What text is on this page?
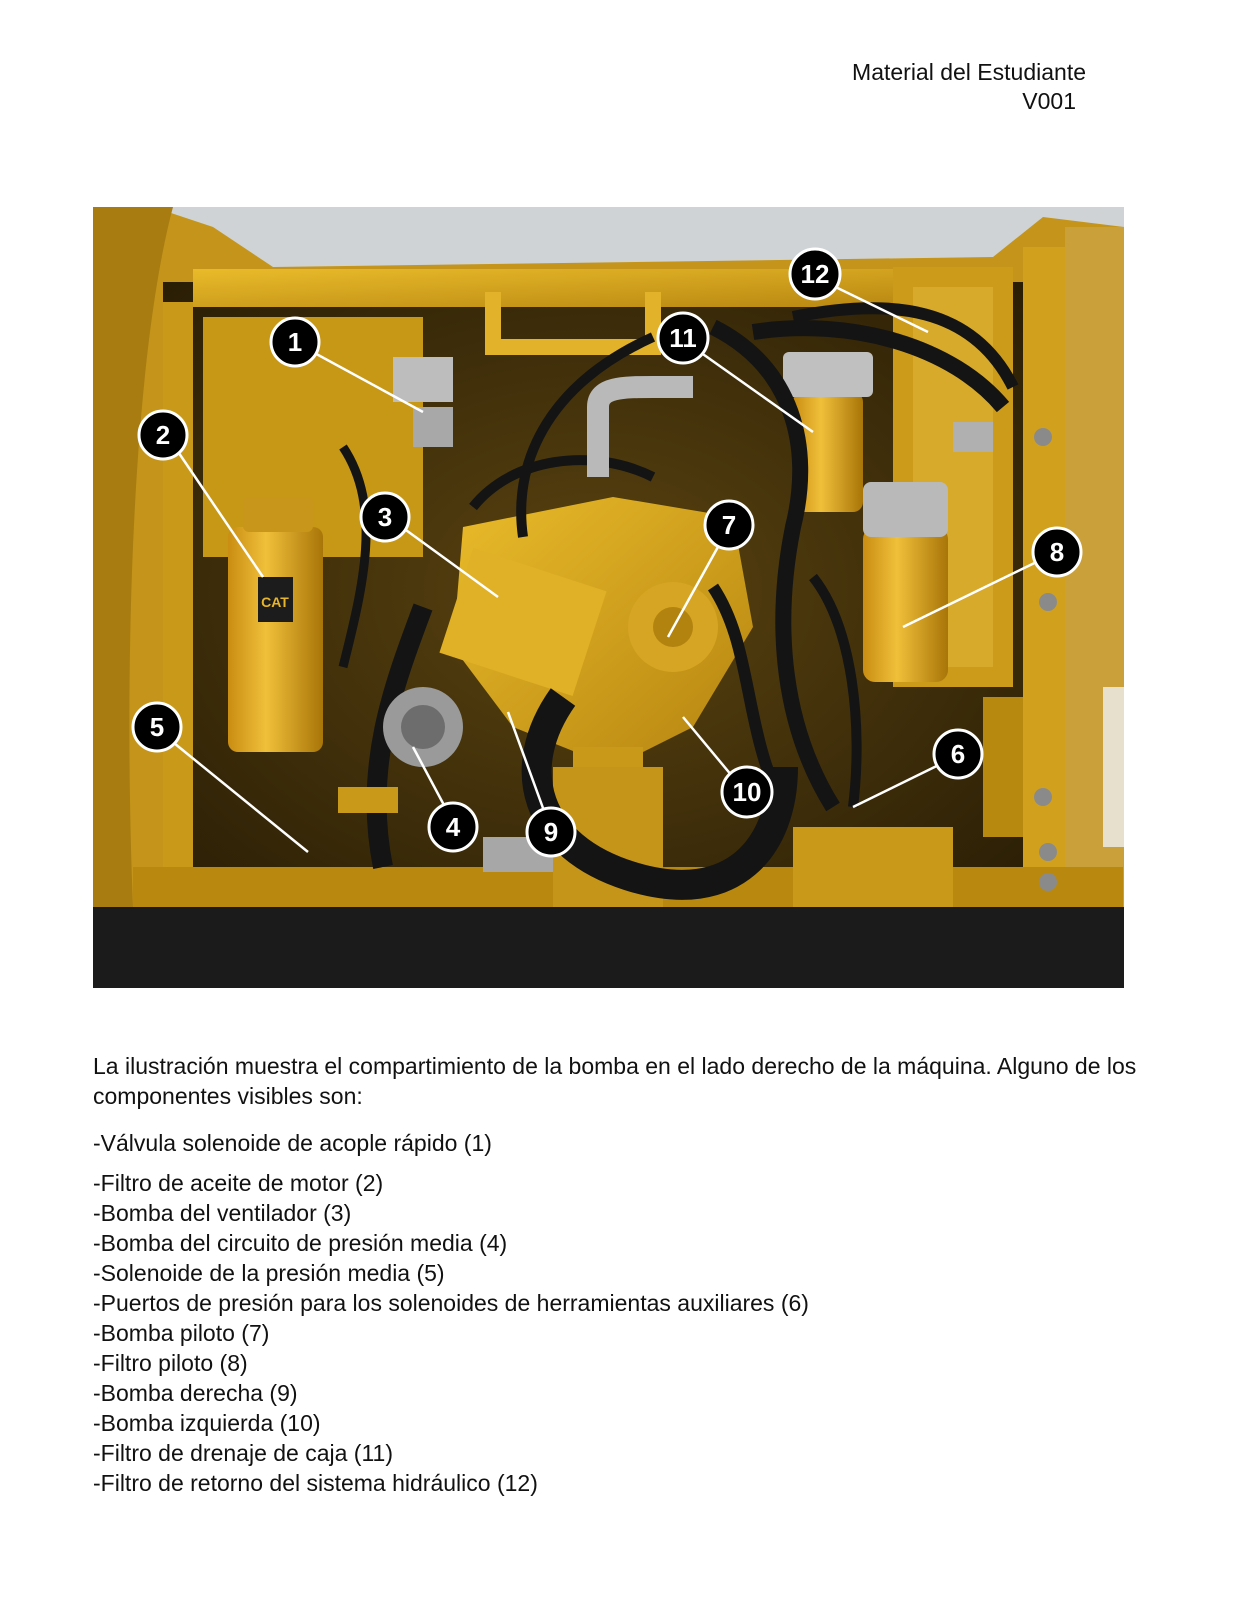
Material del Estudiante
V001
CAT
1
2
3
4
5
6
7
8
9
10
11
12
La ilustración muestra el compartimiento de la bomba en el lado derecho de la máquina. Alguno de los componentes visibles son:
-Válvula solenoide de acople rápido (1)
-Filtro de aceite de motor (2)
-Bomba del ventilador (3)
-Bomba del circuito de presión media (4)
-Solenoide de la presión media (5)
-Puertos de presión para los solenoides de herramientas auxiliares (6)
-Bomba piloto (7)
-Filtro piloto (8)
-Bomba derecha (9)
-Bomba izquierda (10)
-Filtro de drenaje de caja (11)
-Filtro de retorno del sistema hidráulico (12)
